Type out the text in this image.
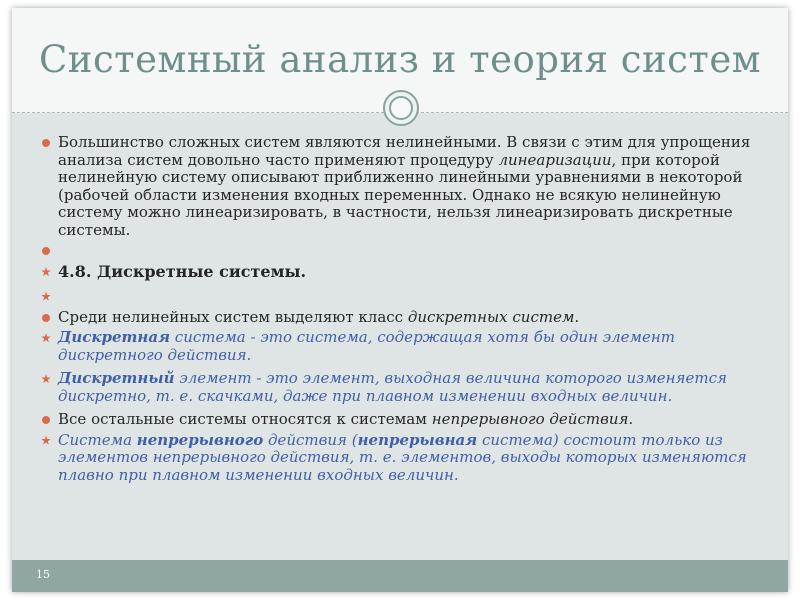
Системный анализ и теория систем
Большинство сложных систем являются нелинейными. В связи с этим для упрощения анализа систем довольно часто применяют процедуру линеаризации, при которой нелинейную систему описывают приближенно линейными уравнениями в некоторой (рабочей области изменения входных переменных. Однако не всякую нелинейную систему можно линеаризировать, в частности, нельзя линеаризировать дискретные системы.
4.8. Дискретные системы.
Среди нелинейных систем выделяют класс дискретных систем.
Дискретная система - это система, содержащая хотя бы один элемент дискретного действия.
Дискретный элемент - это элемент, выходная величина которого изменяется дискретно, т. е. скачками, даже при плавном изменении входных величин.
Все остальные системы относятся к системам непрерывного действия.
Система непрерывного действия (непрерывная система) состоит только из элементов непрерывного действия, т. е. элементов, выходы которых изменяются плавно при плавном изменении входных величин.
15
